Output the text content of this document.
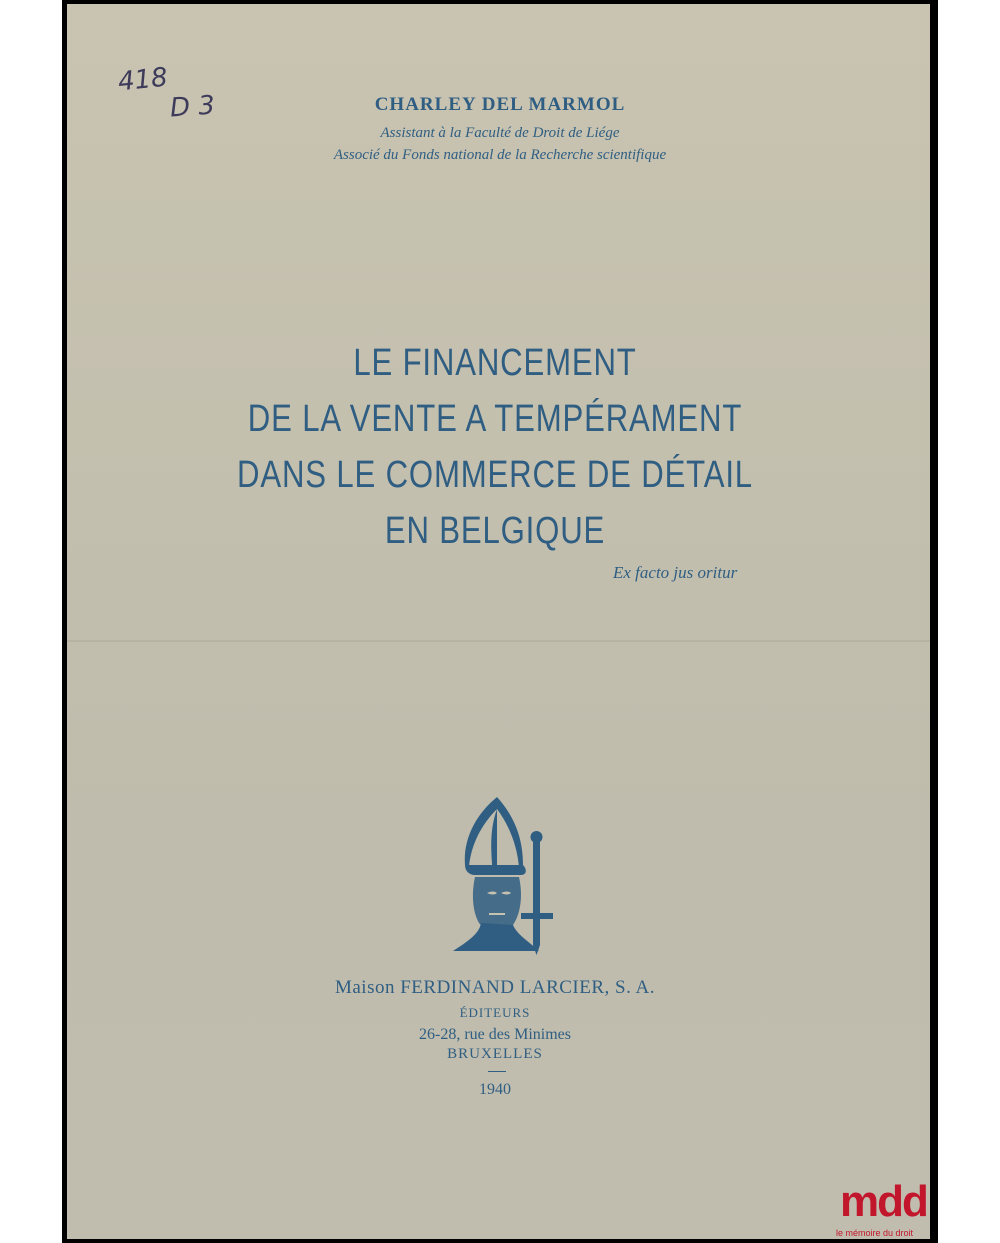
418
D 3	CHARLEY DEL MARMOL
Assistant à la Faculté de Droit de Liége
Associé du Fonds national de la Recherche scientifique
LE FINANCEMENT
DE LA VENTE A TEMPÉRAMENT
DANS LE COMMERCE DE DÉTAIL
EN BELGIQUE
Ex facto jus oritur
Maison FERDINAND LARCIER, S. A.
ÉDITEURS
26-28, rue des Minimes
BRUXELLES
1940
mdd
le mémoire du droit
